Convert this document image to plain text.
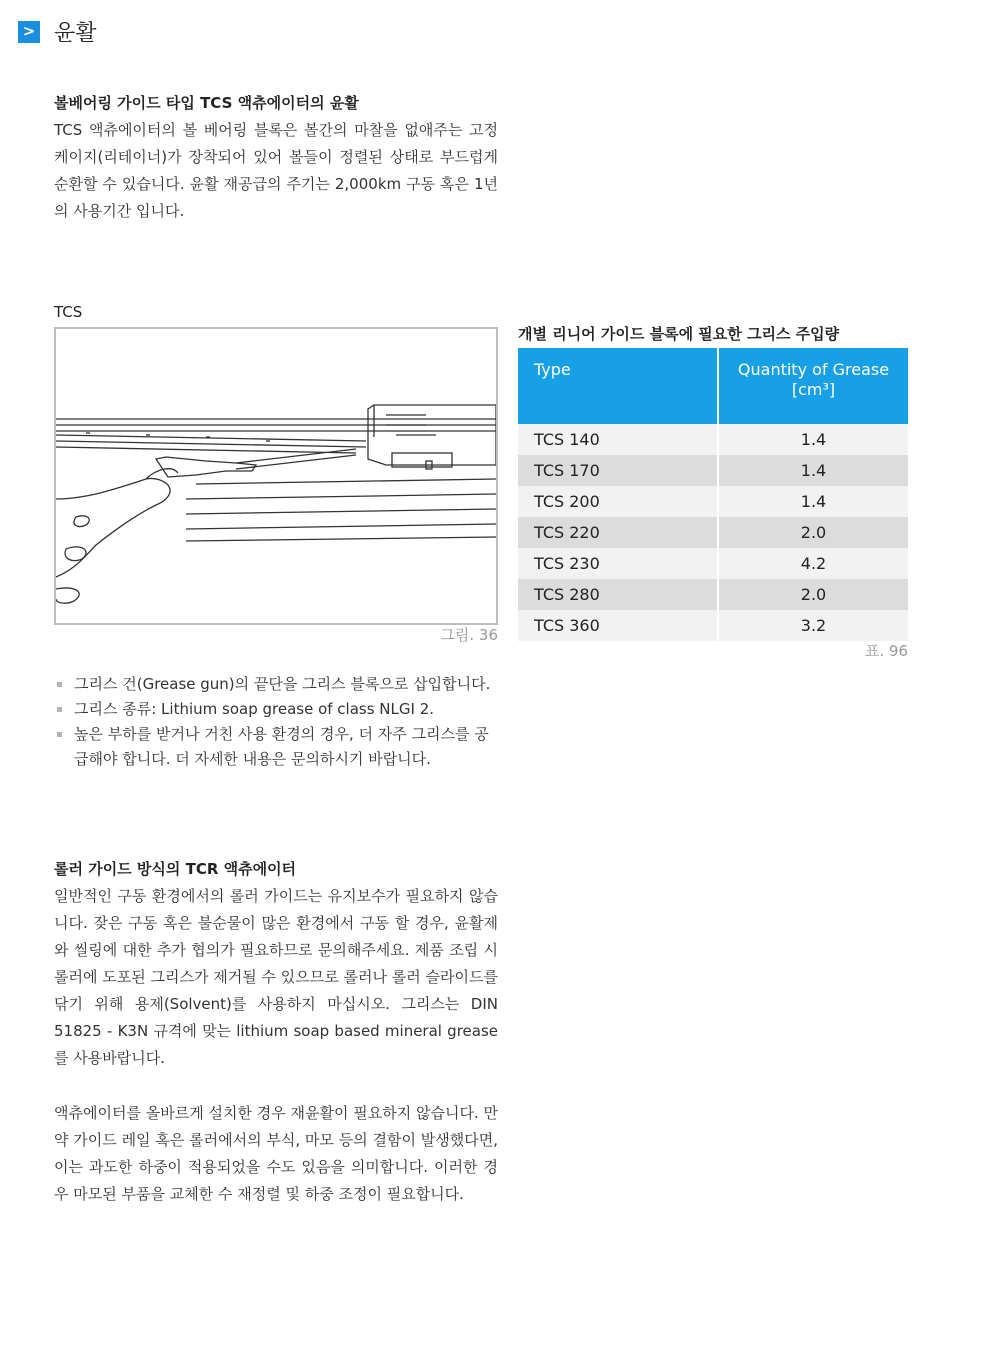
> 윤활

볼베어링 가이드 타입 TCS 액츄에이터의 윤활

TCS 액츄에이터의 볼 베어링 블록은 볼간의 마찰을 없애주는 고정 케이지(리테이너)가 장착되어 있어 볼들이 정렬된 상태로 부드럽게 순환할 수 있습니다. 윤활 재공급의 주기는 2,000km 구동 혹은 1년의 사용기간 입니다.

TCS
그림. 36
개별 리니어 가이드 블록에 필요한 그리스 주입량
Type	Quantity of Grease
[cm³]

TCS 140	1.4
TCS 170	1.4
TCS 200	1.4
TCS 220	2.0
TCS 230	4.2
TCS 280	2.0
TCS 360	3.2
표. 96
그리스 건(Grease gun)의 끝단을 그리스 블록으로 삽입합니다.
그리스 종류: Lithium soap grease of class NLGI 2.
높은 부하를 받거나 거친 사용 환경의 경우, 더 자주 그리스를 공급해야 합니다. 더 자세한 내용은 문의하시기 바랍니다.

롤러 가이드 방식의 TCR 액츄에이터

일반적인 구동 환경에서의 롤러 가이드는 유지보수가 필요하지 않습니다. 잦은 구동 혹은 불순물이 많은 환경에서 구동 할 경우, 윤활제와 씰링에 대한 추가 협의가 필요하므로 문의해주세요. 제품 조립 시 롤러에 도포된 그리스가 제거될 수 있으므로 롤러나 롤러 슬라이드를 닦기 위해 용제(Solvent)를 사용하지 마십시오. 그리스는 DIN 51825 - K3N 규격에 맞는 lithium soap based mineral grease 를 사용바랍니다.

액츄에이터를 올바르게 설치한 경우 재윤활이 필요하지 않습니다. 만약 가이드 레일 혹은 롤러에서의 부식, 마모 등의 결함이 발생했다면, 이는 과도한 하중이 적용되었을 수도 있음을 의미합니다. 이러한 경우 마모된 부품을 교체한 수 재정렬 및 하중 조정이 필요합니다.
